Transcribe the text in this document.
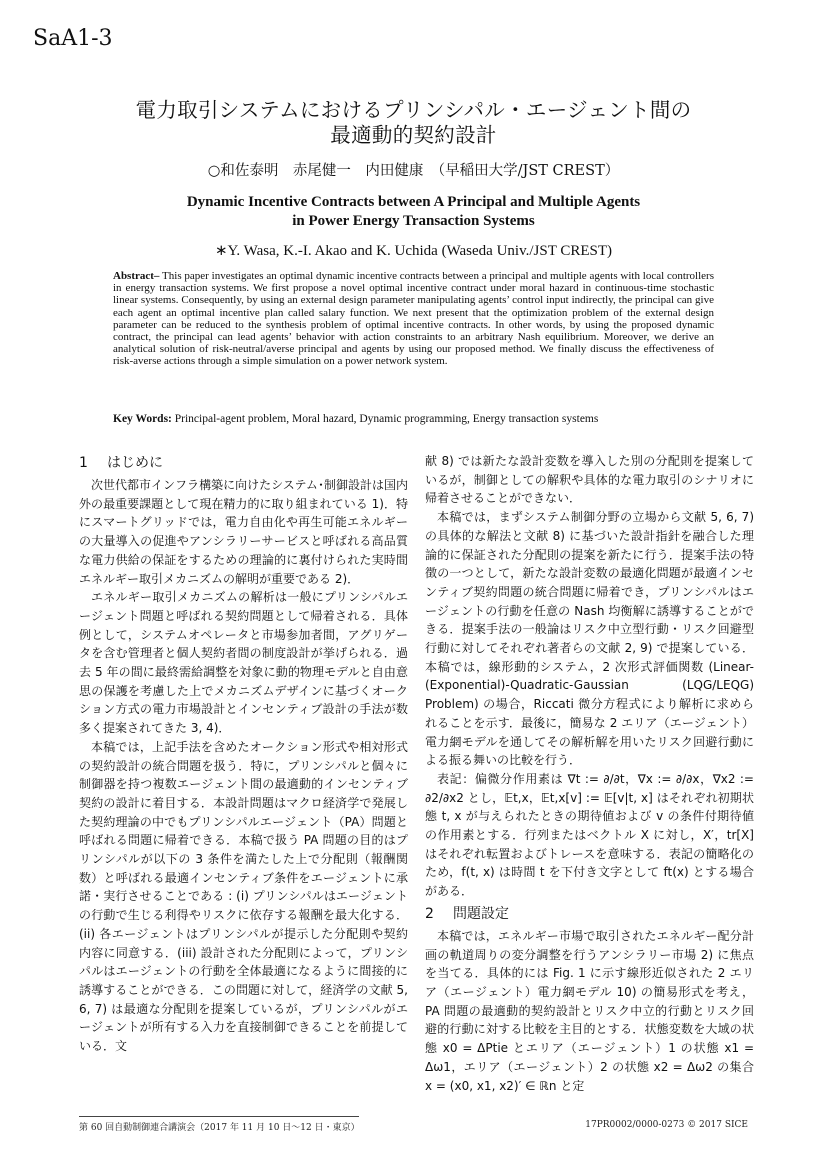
SaA1-3
電力取引システムにおけるプリンシパル・エージェント間の
最適動的契約設計
○和佐泰明　赤尾健一　内田健康　（早稲田大学/JST CREST）
Dynamic Incentive Contracts between A Principal and Multiple Agents
in Power Energy Transaction Systems
∗Y. Wasa, K.-I. Akao and K. Uchida (Waseda Univ./JST CREST)
Abstract– This paper investigates an optimal dynamic incentive contracts between a principal and multiple agents with local controllers in energy transaction systems. We first propose a novel optimal incentive contract under moral hazard in continuous-time stochastic linear systems. Consequently, by using an external design parameter manipulating agents’ control input indirectly, the principal can give each agent an optimal incentive plan called salary function. We next present that the optimization problem of the external design parameter can be reduced to the synthesis problem of optimal incentive contracts. In other words, by using the proposed dynamic contract, the principal can lead agents’ behavior with action constraints to an arbitrary Nash equilibrium. Moreover, we derive an analytical solution of risk-neutral/averse principal and agents by using our proposed method. We finally discuss the effectiveness of risk-averse actions through a simple simulation on a power network system.
Key Words: Principal-agent problem, Moral hazard, Dynamic programming, Energy transaction systems
1 はじめに

次世代都市インフラ構築に向けたシステム･制御設計は国内外の最重要課題として現在精力的に取り組まれている 1)．特にスマートグリッドでは，電力自由化や再生可能エネルギーの大量導入の促進やアンシラリーサービスと呼ばれる高品質な電力供給の保証をするための理論的に裏付けられた実時間エネルギー取引メカニズムの解明が重要である 2)．

エネルギー取引メカニズムの解析は一般にプリンシパルエージェント問題と呼ばれる契約問題として帰着される．具体例として，システムオペレータと市場参加者間，アグリゲータを含む管理者と個人契約者間の制度設計が挙げられる．過去 5 年の間に最終需給調整を対象に動的物理モデルと自由意思の保護を考慮した上でメカニズムデザインに基づくオークション方式の電力市場設計とインセンティブ設計の手法が数多く提案されてきた 3, 4)．

本稿では，上記手法を含めたオークション形式や相対形式の契約設計の統合問題を扱う．特に，プリンシパルと個々に制御器を持つ複数エージェント間の最適動的インセンティブ契約の設計に着目する．本設計問題はマクロ経済学で発展した契約理論の中でもプリンシパルエージェント（PA）問題と呼ばれる問題に帰着できる．本稿で扱う PA 問題の目的はプリンシパルが以下の 3 条件を満たした上で分配則（報酬関数）と呼ばれる最適インセンティブ条件をエージェントに承諾・実行させることである : (i) プリンシパルはエージェントの行動で生じる利得やリスクに依存する報酬を最大化する．(ii) 各エージェントはプリンシパルが提示した分配則や契約内容に同意する．(iii) 設計された分配則によって，プリンシパルはエージェントの行動を全体最適になるように間接的に誘導することができる．この問題に対して，経済学の文献 5, 6, 7) は最適な分配則を提案しているが，プリンシパルがエージェントが所有する入力を直接制御できることを前提している．文

献 8) では新たな設計変数を導入した別の分配則を提案しているが，制御としての解釈や具体的な電力取引のシナリオに帰着させることができない．

本稿では，まずシステム制御分野の立場から文献 5, 6, 7) の具体的な解法と文献 8) に基づいた設計指針を融合した理論的に保証された分配則の提案を新たに行う．提案手法の特徴の一つとして，新たな設計変数の最適化問題が最適インセンティブ契約問題の統合問題に帰着でき，プリンシパルはエージェントの行動を任意の Nash 均衡解に誘導することができる．提案手法の一般論はリスク中立型行動・リスク回避型行動に対してそれぞれ著者らの文献 2, 9) で提案している．本稿では，線形動的システム，2 次形式評価関数 (Linear-(Exponential)-Quadratic-Gaussian (LQG/LEQG) Problem) の場合，Riccati 微分方程式により解析に求められることを示す．最後に，簡易な 2 エリア（エージェント）電力網モデルを通してその解析解を用いたリスク回避行動による振る舞いの比較を行う．

表記：偏微分作用素は ∇t := ∂/∂t，∇x := ∂/∂x，∇x2 := ∂2/∂x2 とし，𝔼t,x，𝔼t,x[v] := 𝔼[v|t, x] はそれぞれ初期状態 t, x が与えられたときの期待値および v の条件付期待値の作用素とする．行列またはベクトル X に対し，X′，tr[X] はそれぞれ転置およびトレースを意味する．表記の簡略化のため，f(t, x) は時間 t を下付き文字として ft(x) とする場合がある．

2 問題設定

本稿では，エネルギー市場で取引されたエネルギー配分計画の軌道周りの変分調整を行うアンシラリー市場 2) に焦点を当てる．具体的には Fig. 1 に示す線形近似された 2 エリア（エージェント）電力網モデル 10) の簡易形式を考え，PA 問題の最適動的契約設計とリスク中立的行動とリスク回避的行動に対する比較を主目的とする．状態変数を大域の状態 x0 = ΔPtie とエリア（エージェント）1 の状態 x1 = Δω1，エリア（エージェント）2 の状態 x2 = Δω2 の集合 x = (x0, x1, x2)′ ∈ ℝn と定

第 60 回自動制御連合講演会（2017 年 11 月 10 日〜12 日・東京）	17PR0002/0000-0273 © 2017 SICE
